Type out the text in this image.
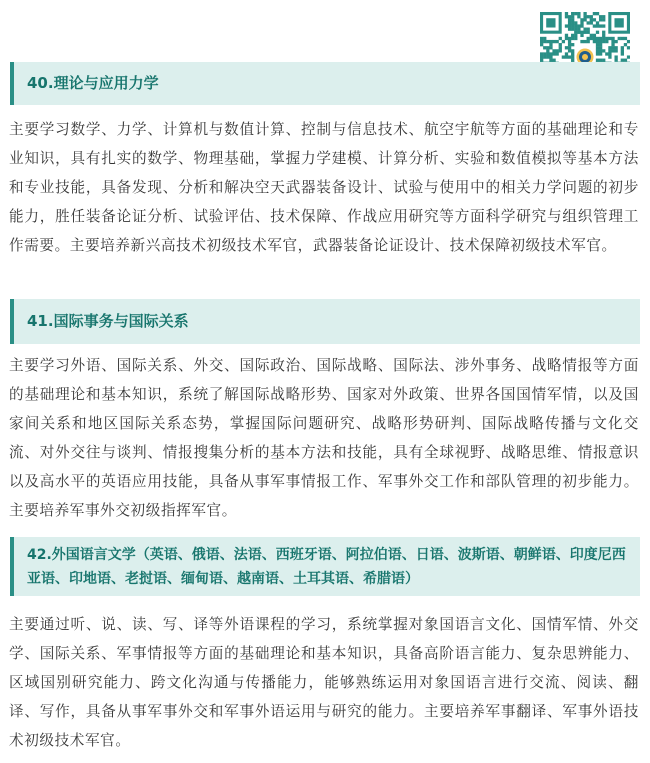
40.理论与应用力学
主要学习数学、力学、计算机与数值计算、控制与信息技术、航空宇航等方面的基础理论和专业知识，具有扎实的数学、物理基础，掌握力学建模、计算分析、实验和数值模拟等基本方法和专业技能，具备发现、分析和解决空天武器装备设计、试验与使用中的相关力学问题的初步能力，胜任装备论证分析、试验评估、技术保障、作战应用研究等方面科学研究与组织管理工作需要。主要培养新兴高技术初级技术军官，武器装备论证设计、技术保障初级技术军官。
41.国际事务与国际关系
主要学习外语、国际关系、外交、国际政治、国际战略、国际法、涉外事务、战略情报等方面的基础理论和基本知识，系统了解国际战略形势、国家对外政策、世界各国国情军情，以及国家间关系和地区国际关系态势，掌握国际问题研究、战略形势研判、国际战略传播与文化交流、对外交往与谈判、情报搜集分析的基本方法和技能，具有全球视野、战略思维、情报意识以及高水平的英语应用技能，具备从事军事情报工作、军事外交工作和部队管理的初步能力。主要培养军事外交初级指挥军官。
42.外国语言文学（英语、俄语、法语、西班牙语、阿拉伯语、日语、波斯语、朝鲜语、印度尼西亚语、印地语、老挝语、缅甸语、越南语、土耳其语、希腊语）
主要通过听、说、读、写、译等外语课程的学习，系统掌握对象国语言文化、国情军情、外交学、国际关系、军事情报等方面的基础理论和基本知识，具备高阶语言能力、复杂思辨能力、区域国别研究能力、跨文化沟通与传播能力，能够熟练运用对象国语言进行交流、阅读、翻译、写作，具备从事军事外交和军事外语运用与研究的能力。主要培养军事翻译、军事外语技术初级技术军官。
